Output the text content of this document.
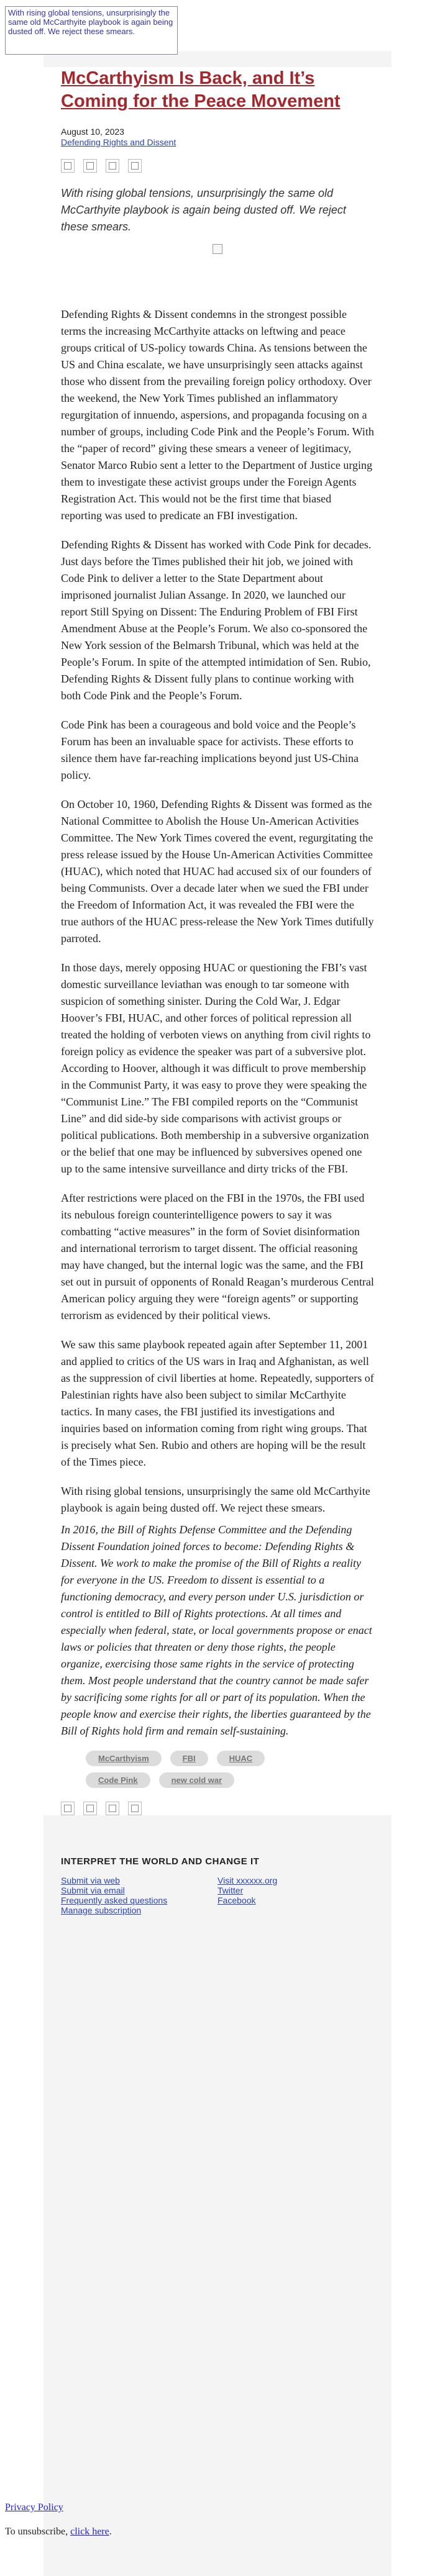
With rising global tensions, unsurprisingly the same old McCarthyite playbook is again being dusted off. We reject these smears.
McCarthyism Is Back, and It’s Coming for the Peace Movement
August 10, 2023
Defending Rights and Dissent
With rising global tensions, unsurprisingly the same old McCarthyite playbook is again being dusted off. We reject these smears.

Defending Rights & Dissent condemns in the strongest possible terms the increasing McCarthyite attacks on leftwing and peace groups critical of US-policy towards China. As tensions between the US and China escalate, we have unsurprisingly seen attacks against those who dissent from the prevailing foreign policy orthodoxy. Over the weekend, the New York Times published an inflammatory regurgitation of innuendo, aspersions, and propaganda focusing on a number of groups, including Code Pink and the People’s Forum. With the “paper of record” giving these smears a veneer of legitimacy, Senator Marco Rubio sent a letter to the Department of Justice urging them to investigate these activist groups under the Foreign Agents Registration Act. This would not be the first time that biased reporting was used to predicate an FBI investigation.

Defending Rights & Dissent has worked with Code Pink for decades. Just days before the Times published their hit job, we joined with Code Pink to deliver a letter to the State Department about imprisoned journalist Julian Assange. In 2020, we launched our report Still Spying on Dissent: The Enduring Problem of FBI First Amendment Abuse at the People’s Forum. We also co-sponsored the New York session of the Belmarsh Tribunal, which was held at the People’s Forum. In spite of the attempted intimidation of Sen. Rubio, Defending Rights & Dissent fully plans to continue working with both Code Pink and the People’s Forum.

Code Pink has been a courageous and bold voice and the People’s Forum has been an invaluable space for activists. These efforts to silence them have far-reaching implications beyond just US-China policy.

On October 10, 1960, Defending Rights & Dissent was formed as the National Committee to Abolish the House Un-American Activities Committee. The New York Times covered the event, regurgitating the press release issued by the House Un-American Activities Committee (HUAC), which noted that HUAC had accused six of our founders of being Communists. Over a decade later when we sued the FBI under the Freedom of Information Act, it was revealed the FBI were the true authors of the HUAC press-release the New York Times dutifully parroted.

In those days, merely opposing HUAC or questioning the FBI’s vast domestic surveillance leviathan was enough to tar someone with suspicion of something sinister. During the Cold War, J. Edgar Hoover’s FBI, HUAC, and other forces of political repression all treated the holding of verboten views on anything from civil rights to foreign policy as evidence the speaker was part of a subversive plot. According to Hoover, although it was difficult to prove membership in the Communist Party, it was easy to prove they were speaking the “Communist Line.” The FBI compiled reports on the “Communist Line” and did side-by side comparisons with activist groups or political publications. Both membership in a subversive organization or the belief that one may be influenced by subversives opened one up to the same intensive surveillance and dirty tricks of the FBI.

After restrictions were placed on the FBI in the 1970s, the FBI used its nebulous foreign counterintelligence powers to say it was combatting “active measures” in the form of Soviet disinformation and international terrorism to target dissent. The official reasoning may have changed, but the internal logic was the same, and the FBI set out in pursuit of opponents of Ronald Reagan’s murderous Central American policy arguing they were “foreign agents” or supporting terrorism as evidenced by their political views.

We saw this same playbook repeated again after September 11, 2001 and applied to critics of the US wars in Iraq and Afghanistan, as well as the suppression of civil liberties at home. Repeatedly, supporters of Palestinian rights have also been subject to similar McCarthyite tactics. In many cases, the FBI justified its investigations and inquiries based on information coming from right wing groups. That is precisely what Sen. Rubio and others are hoping will be the result of the Times piece.

With rising global tensions, unsurprisingly the same old McCarthyite playbook is again being dusted off. We reject these smears.

In 2016, the Bill of Rights Defense Committee and the Defending Dissent Foundation joined forces to become: Defending Rights & Dissent. We work to make the promise of the Bill of Rights a reality for everyone in the US. Freedom to dissent is essential to a functioning democracy, and every person under U.S. jurisdiction or control is entitled to Bill of Rights protections. At all times and especially when federal, state, or local governments propose or enact laws or policies that threaten or deny those rights, the people organize, exercising those same rights in the service of protecting them. Most people understand that the country cannot be made safer by sacrificing some rights for all or part of its population. When the people know and exercise their rights, the liberties guaranteed by the Bill of Rights hold firm and remain self-sustaining.
McCarthyism	FBI	HUAC
Code Pink	new cold war
INTERPRET THE WORLD AND CHANGE IT
Submit via web
Submit via email
Frequently asked questions
Manage subscription
Visit xxxxxx.org
Twitter
Facebook
Privacy Policy
To unsubscribe, click here.
